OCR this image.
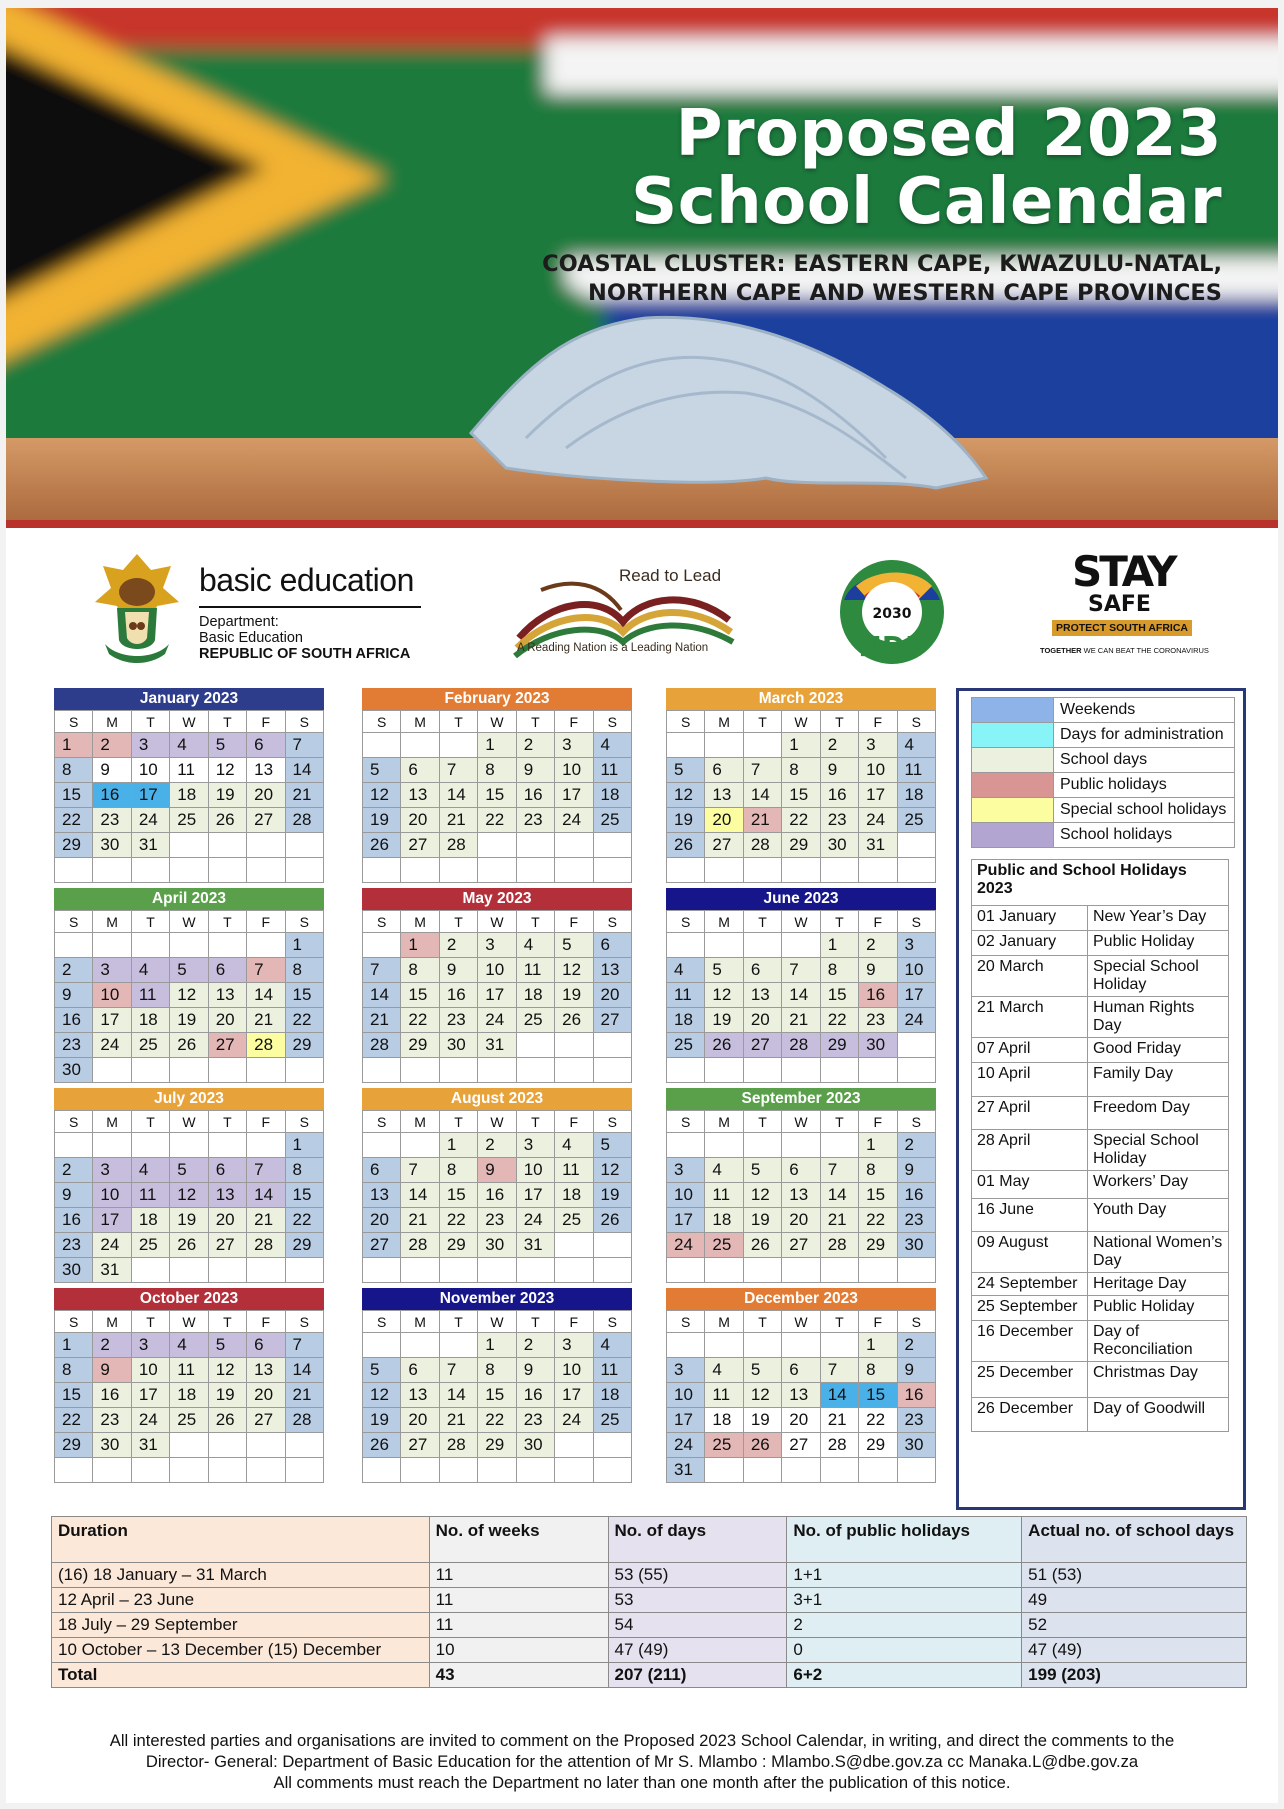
Proposed 2023
School Calendar
COASTAL CLUSTER: EASTERN CAPE, KWAZULU-NATAL,
NORTHERN CAPE AND WESTERN CAPE PROVINCES
basic education
Department:
Basic Education
REPUBLIC OF SOUTH AFRICA
Read to Lead
A Reading Nation is a Leading Nation
2030
NDP
STAY
SAFE
PROTECT SOUTH AFRICA
TOGETHER WE CAN BEAT THE CORONAVIRUS
January 2023
S	M	T	W	T	F	S
1	2	3	4	5	6	7
8	9	10	11	12	13	14
15	16	17	18	19	20	21
22	23	24	25	26	27	28
29	30	31				

February 2023
S	M	T	W	T	F	S
			1	2	3	4
5	6	7	8	9	10	11
12	13	14	15	16	17	18
19	20	21	22	23	24	25
26	27	28				

March 2023
S	M	T	W	T	F	S
			1	2	3	4
5	6	7	8	9	10	11
12	13	14	15	16	17	18
19	20	21	22	23	24	25
26	27	28	29	30	31	

April 2023
S	M	T	W	T	F	S
						1
2	3	4	5	6	7	8
9	10	11	12	13	14	15
16	17	18	19	20	21	22
23	24	25	26	27	28	29
30						
May 2023
S	M	T	W	T	F	S
	1	2	3	4	5	6
7	8	9	10	11	12	13
14	15	16	17	18	19	20
21	22	23	24	25	26	27
28	29	30	31			

June 2023
S	M	T	W	T	F	S
				1	2	3
4	5	6	7	8	9	10
11	12	13	14	15	16	17
18	19	20	21	22	23	24
25	26	27	28	29	30	

July 2023
S	M	T	W	T	F	S
						1
2	3	4	5	6	7	8
9	10	11	12	13	14	15
16	17	18	19	20	21	22
23	24	25	26	27	28	29
30	31					
August 2023
S	M	T	W	T	F	S
		1	2	3	4	5
6	7	8	9	10	11	12
13	14	15	16	17	18	19
20	21	22	23	24	25	26
27	28	29	30	31		

September 2023
S	M	T	W	T	F	S
					1	2
3	4	5	6	7	8	9
10	11	12	13	14	15	16
17	18	19	20	21	22	23
24	25	26	27	28	29	30

October 2023
S	M	T	W	T	F	S
1	2	3	4	5	6	7
8	9	10	11	12	13	14
15	16	17	18	19	20	21
22	23	24	25	26	27	28
29	30	31				

November 2023
S	M	T	W	T	F	S
			1	2	3	4
5	6	7	8	9	10	11
12	13	14	15	16	17	18
19	20	21	22	23	24	25
26	27	28	29	30		

December 2023
S	M	T	W	T	F	S
					1	2
3	4	5	6	7	8	9
10	11	12	13	14	15	16
17	18	19	20	21	22	23
24	25	26	27	28	29	30
31						
	Weekends
	Days for administration
	School days
	Public holidays
	Special school holidays
	School holidays
Public and School Holidays 2023	
01 January	New Year’s Day
02 January	Public Holiday
20 March	Special School Holiday
21 March	Human Rights Day
07 April	Good Friday
10 April	Family Day
27 April	Freedom Day
28 April	Special School Holiday
01 May	Workers’ Day
16 June	Youth Day
09 August	National Women’s Day
24 September	Heritage Day
25 September	Public Holiday
16 December	Day of Reconciliation
25 December	Christmas Day
26 December	Day of Goodwill
Duration	No. of weeks	No. of days	No. of public holidays	Actual no. of school days
(16) 18 January – 31 March	11	53 (55)	1+1	51 (53)
12 April – 23 June	11	53	3+1	49
18 July – 29 September	11	54	2	52
10 October – 13 December (15) December	10	47 (49)	0	47 (49)
Total	43	207 (211)	6+2	199 (203)
All interested parties and organisations are invited to comment on the Proposed 2023 School Calendar, in writing, and direct the comments to the
Director- General: Department of Basic Education for the attention of Mr S. Mlambo : Mlambo.S@dbe.gov.za cc Manaka.L@dbe.gov.za
All comments must reach the Department no later than one month after the publication of this notice.
